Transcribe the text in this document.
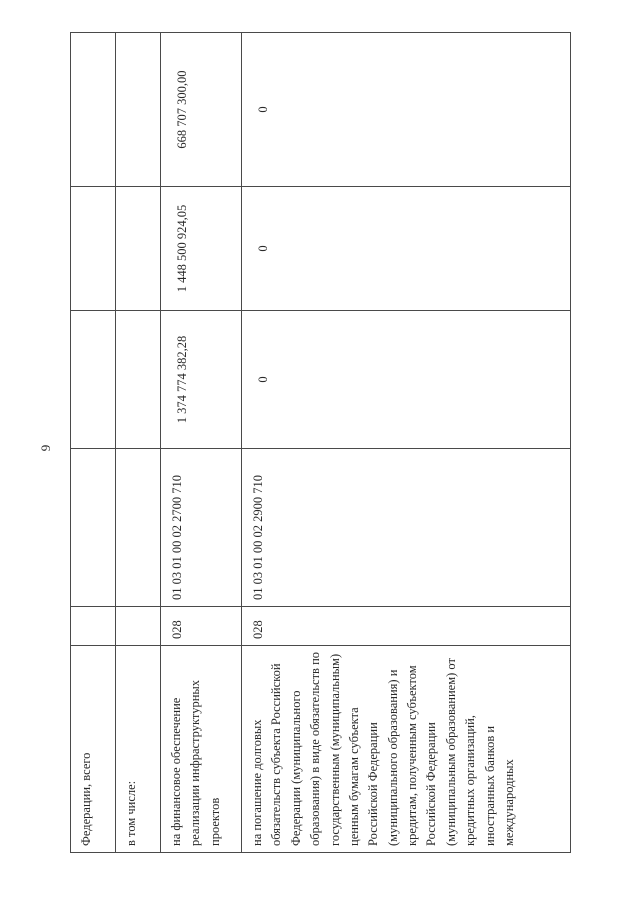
9
Федерации, всего					
в том числе:					
на финансовое обеспечение реализации инфраструктурных проектов	028	01 03 01 00 02 2700 710	1 374 774 382,28	1 448 500 924,05	668 707 300,00
на погашение долговых обязательств субъекта Российской Федерации (муниципального образования) в виде обязательств по государственным (муниципальным) ценным бумагам субъекта Российской Федерации (муниципального образования) и кредитам, полученным субъектом Российской Федерации (муниципальным образованием) от кредитных организаций, иностранных банков и международных	028	01 03 01 00 02 2900 710	0	0	0
